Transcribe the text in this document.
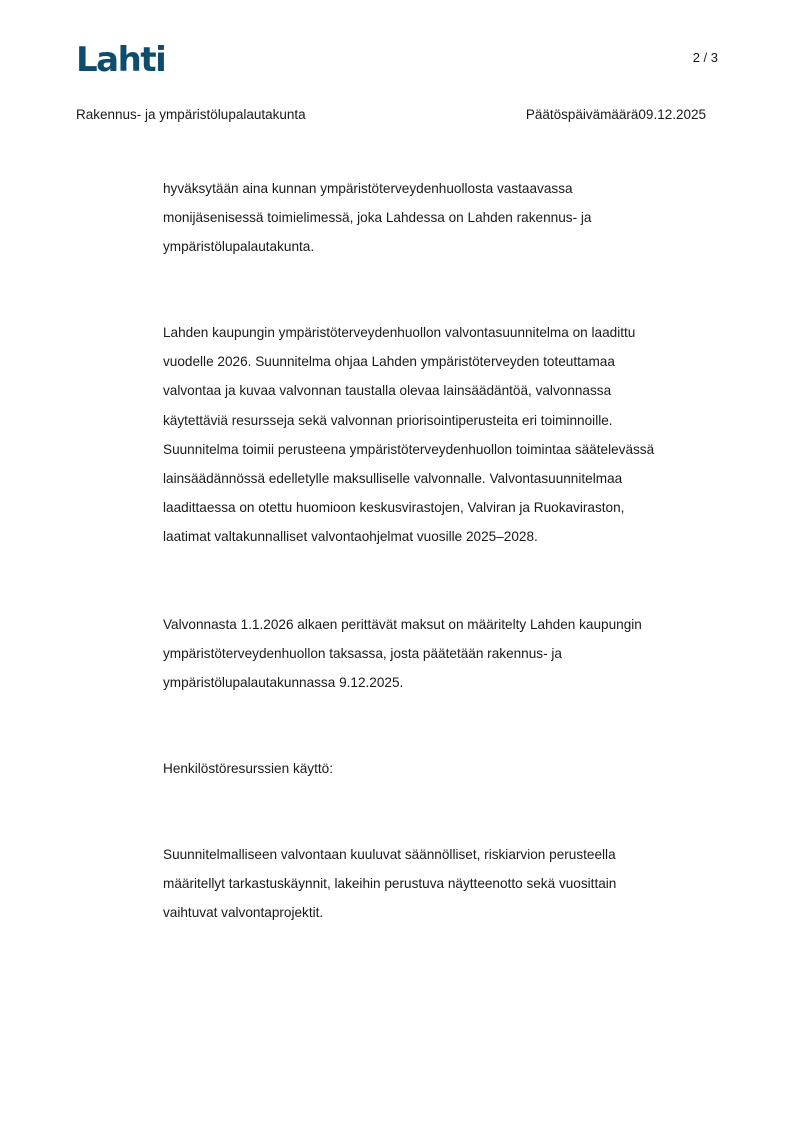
Lahti	2 / 3
Rakennus- ja ympäristölupalautakunta	Päätöspäivämäärä09.12.2025
hyväksytään aina kunnan ympäristöterveydenhuollosta vastaavassa
monijäsenisessä toimielimessä, joka Lahdessa on Lahden rakennus- ja
ympäristölupalautakunta.
Lahden kaupungin ympäristöterveydenhuollon valvontasuunnitelma on laadittu
vuodelle 2026. Suunnitelma ohjaa Lahden ympäristöterveyden toteuttamaa
valvontaa ja kuvaa valvonnan taustalla olevaa lainsäädäntöä, valvonnassa
käytettäviä resursseja sekä valvonnan priorisointiperusteita eri toiminnoille.
Suunnitelma toimii perusteena ympäristöterveydenhuollon toimintaa säätelevässä
lainsäädännössä edelletylle maksulliselle valvonnalle. Valvontasuunnitelmaa
laadittaessa on otettu huomioon keskusvirastojen, Valviran ja Ruokaviraston,
laatimat valtakunnalliset valvontaohjelmat vuosille 2025–2028.
Valvonnasta 1.1.2026 alkaen perittävät maksut on määritelty Lahden kaupungin
ympäristöterveydenhuollon taksassa, josta päätetään rakennus- ja
ympäristölupalautakunnassa 9.12.2025.
Henkilöstöresurssien käyttö:
Suunnitelmalliseen valvontaan kuuluvat säännölliset, riskiarvion perusteella
määritellyt tarkastuskäynnit, lakeihin perustuva näytteenotto sekä vuosittain
vaihtuvat valvontaprojektit.
